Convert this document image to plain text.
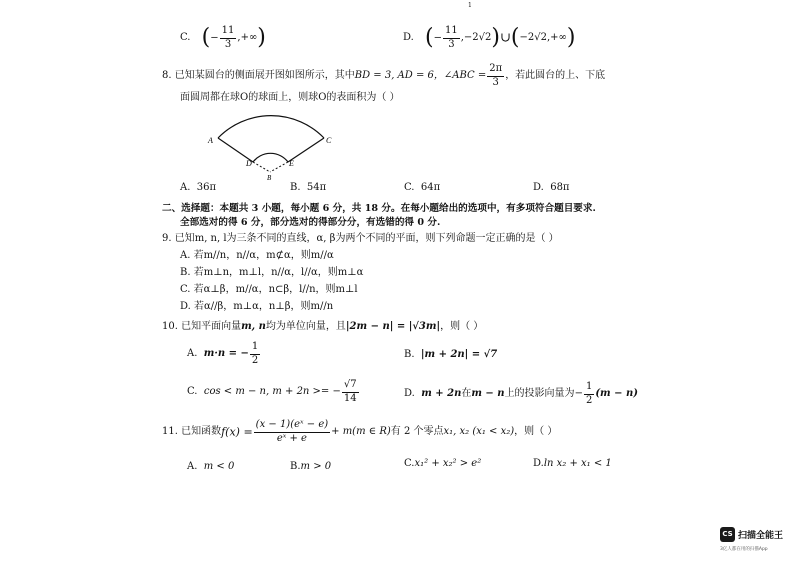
1
C. (− $\frac{11}{3}$ ,+∞)	D. (− $\frac{11}{3}$ ,−2√2)∪(−2√2,+∞)
8. 已知某圆台的侧面展开图如图所示，其中BD = 3, AD = 6，∠ABC = $\frac{2\pi}{3}$ ，若此圆台的上、下底
面圆周都在球O的球面上，则球O的表面积为（ ）
A	C
D	E
B
A. 36π	B. 54π	C. 64π	D. 68π
二、选择题：本题共 3 小题，每小题 6 分，共 18 分。在每小题给出的选项中，有多项符合题目要求.
全部选对的得 6 分，部分选对的得部分分，有选错的得 0 分.
9. 已知m, n, l为三条不同的直线，α, β为两个不同的平面，则下列命题一定正确的是（ ）
A. 若m//n，n//α，m⊄α，则m//α
B. 若m⊥n，m⊥l，n//α，l//α，则m⊥α
C. 若α⊥β，m//α，n⊂β，l//n，则m⊥l
D. 若α//β，m⊥α，n⊥β，则m//n
10. 已知平面向量m, n均为单位向量，且|2m − n| = |√3m|，则（ ）
A. m·n = − $\frac{1}{2}$	B. |m + 2n| = √7
C. cos < m − n, m + 2n >= − $\frac{√7}{14}$	D. m + 2n在m − n上的投影向量为− $\frac{1}{2} (m - n)$
11. 已知函数$f(x) = \frac{\text{(x − 1)(eˣ − e)}}{\text{eˣ + e}} + m(m$ ∈ R)有 2 个零点x₁, x₂ (x₁ < x₂)，则（ ）
A. m < 0	B.m > 0	C.x₁² + x₂² > e²	D.ln x₂ + x₁ < 1
CS 扫描全能王
3亿人都在用的扫描App
